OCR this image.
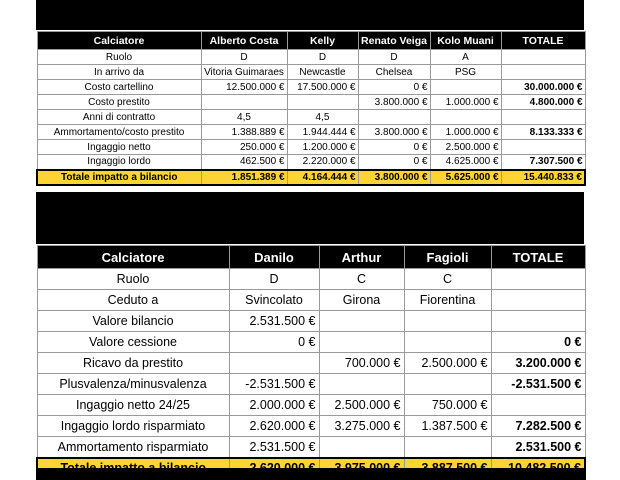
Calciatore	Alberto Costa	Kelly	Renato Veiga	Kolo Muani	TOTALE
Ruolo	D	D	D	A	
In arrivo da	Vitoria Guimaraes	Newcastle	Chelsea	PSG	
Costo cartellino	12.500.000 €	17.500.000 €	0 €		30.000.000 €
Costo prestito			3.800.000 €	1.000.000 €	4.800.000 €
Anni di contratto	4,5	4,5			
Ammortamento/costo prestito	1.388.889 €	1.944.444 €	3.800.000 €	1.000.000 €	8.133.333 €
Ingaggio netto	250.000 €	1.200.000 €	0 €	2.500.000 €	
Ingaggio lordo	462.500 €	2.220.000 €	0 €	4.625.000 €	7.307.500 €
Totale impatto a bilancio	1.851.389 €	4.164.444 €	3.800.000 €	5.625.000 €	15.440.833 €
Calciatore	Danilo	Arthur	Fagioli	TOTALE
Ruolo	D	C	C	
Ceduto a	Svincolato	Girona	Fiorentina	
Valore bilancio	2.531.500 €			
Valore cessione	0 €			0 €
Ricavo da prestito		700.000 €	2.500.000 €	3.200.000 €
Plusvalenza/minusvalenza	-2.531.500 €			-2.531.500 €
Ingaggio netto 24/25	2.000.000 €	2.500.000 €	750.000 €	
Ingaggio lordo risparmiato	2.620.000 €	3.275.000 €	1.387.500 €	7.282.500 €
Ammortamento risparmiato	2.531.500 €			2.531.500 €
